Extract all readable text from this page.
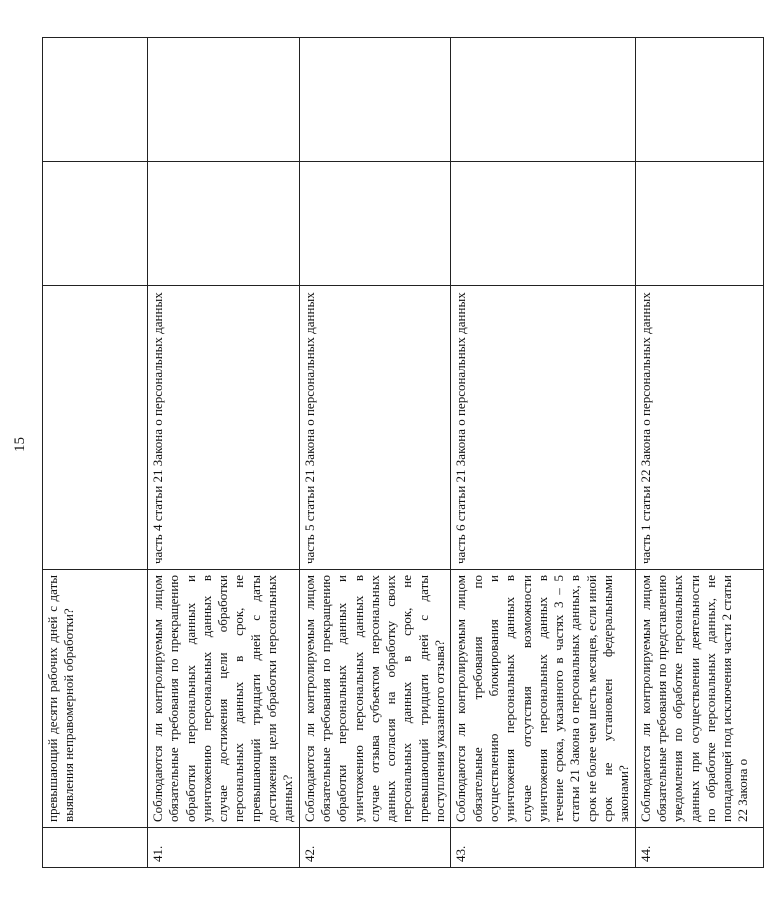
15
	превышающий десяти рабочих дней с даты выявления неправомерной обработки?			
41.	Соблюдаются ли контролируемым лицом обязательные требования по прекращению обработки персональных данных и уничтожению персональных данных в случае достижения цели обработки персональных данных в срок, не превышающий тридцати дней с даты достижения цели обработки персональных данных?	часть 4 статьи 21 Закона о персональных данных		
42.	Соблюдаются ли контролируемым лицом обязательные требования по прекращению обработки персональных данных и уничтожению персональных данных в случае отзыва субъектом персональных данных согласия на обработку своих персональных данных в срок, не превышающий тридцати дней с даты поступления указанного отзыва?	часть 5 статьи 21 Закона о персональных данных		
43.	Соблюдаются ли контролируемым лицом обязательные требования по осуществлению блокирования и уничтожения персональных данных в случае отсутствия возможности уничтожения персональных данных в течение срока, указанного в частях 3 – 5 статьи 21 Закона о персональных данных, в срок не более чем шесть месяцев, если иной срок не установлен федеральными законами?	часть 6 статьи 21 Закона о персональных данных		
44.	Соблюдаются ли контролируемым лицом обязательные требования по представлению уведомления по обработке персональных данных при осуществлении деятельности по обработке персональных данных, не попадающей под исключения части 2 статьи 22 Закона о	часть 1 статьи 22 Закона о персональных данных		
